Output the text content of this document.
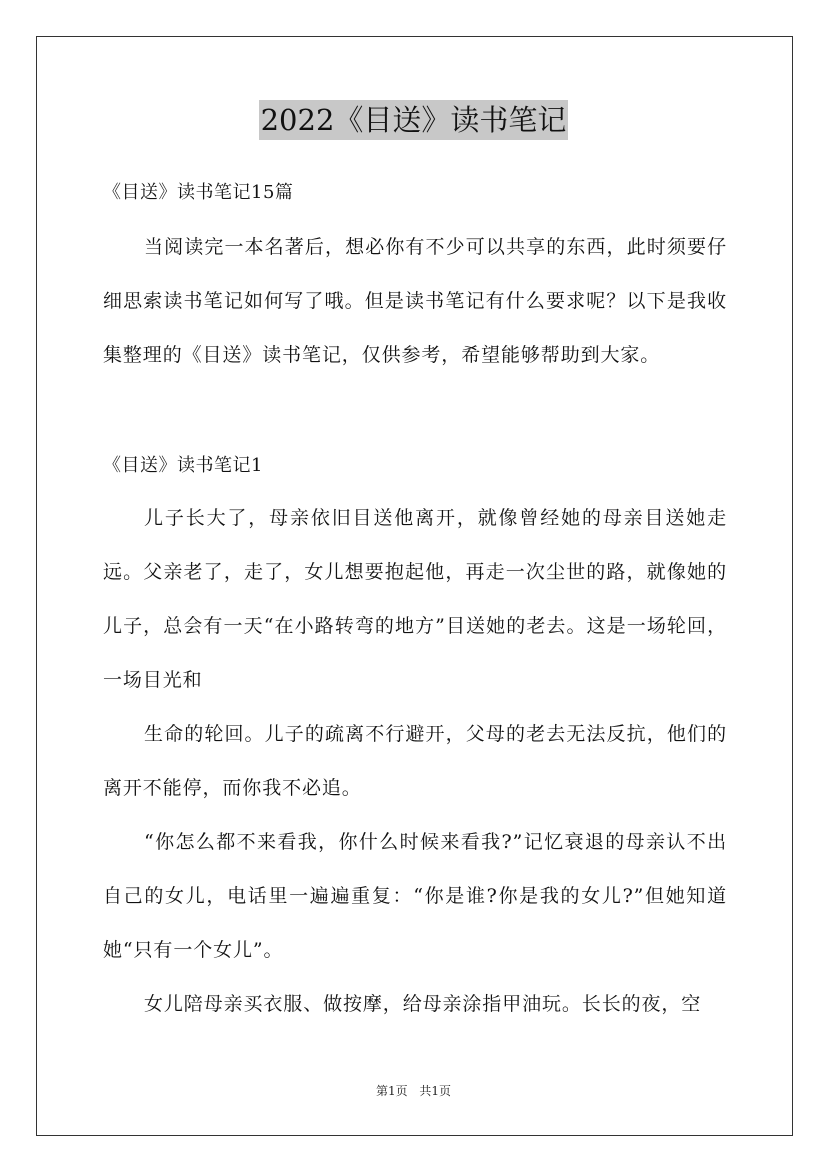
2022《目送》读书笔记

《目送》读书笔记15篇

当阅读完一本名著后，想必你有不少可以共享的东西，此时须要仔细思索读书笔记如何写了哦。但是读书笔记有什么要求呢？以下是我收集整理的《目送》读书笔记，仅供参考，希望能够帮助到大家。

《目送》读书笔记1

儿子长大了，母亲依旧目送他离开，就像曾经她的母亲目送她走远。父亲老了，走了，女儿想要抱起他，再走一次尘世的路，就像她的儿子，总会有一天“在小路转弯的地方”目送她的老去。这是一场轮回，一场目光和

生命的轮回。儿子的疏离不行避开，父母的老去无法反抗，他们的离开不能停，而你我不必追。

“你怎么都不来看我，你什么时候来看我?”记忆衰退的母亲认不出自己的女儿，电话里一遍遍重复：“你是谁?你是我的女儿?”但她知道她“只有一个女儿”。

女儿陪母亲买衣服、做按摩，给母亲涂指甲油玩。长长的夜，空

第1页 共1页
